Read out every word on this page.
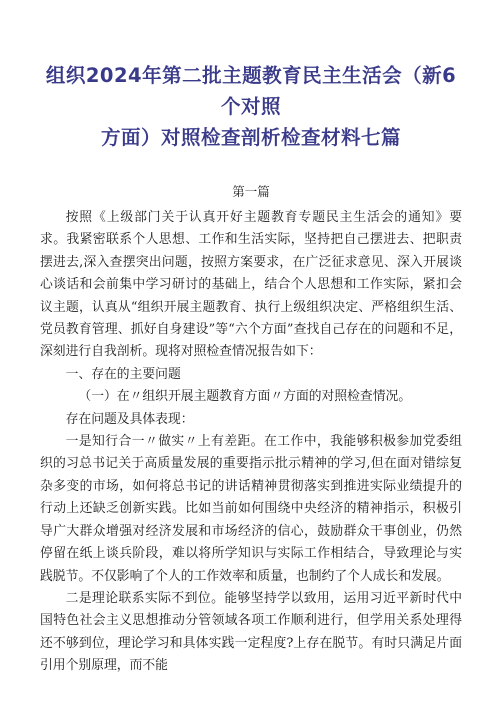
组织2024年第二批主题教育民主生活会（新6个对照
方面）对照检查剖析检查材料七篇
第一篇

按照《上级部门关于认真开好主题教育专题民主生活会的通知》要求。我紧密联系个人思想、工作和生活实际，坚持把自己摆进去、把职责摆进去,深入查摆突出问题，按照方案要求，在广泛征求意见、深入开展谈心谈话和会前集中学习研讨的基础上，结合个人思想和工作实际，紧扣会议主题，认真从“组织开展主题教育、执行上级组织决定、严格组织生活、党员教育管理、抓好自身建设”等“六个方面”查找自己存在的问题和不足，深刻进行自我剖析。现将对照检查情况报告如下：

一、存在的主要问题

（一）在〃组织开展主题教育方面〃方面的对照检查情况。

存在问题及具体表现：

一是知行合一〃做实〃上有差距。在工作中，我能够积极参加党委组织的习总书记关于高质量发展的重要指示批示精神的学习,但在面对错综复杂多变的市场，如何将总书记的讲话精神贯彻落实到推进实际业绩提升的行动上还缺乏创新实践。比如当前如何围绕中央经济的精神指示，积极引导广大群众增强对经济发展和市场经济的信心，鼓励群众干事创业，仍然停留在纸上谈兵阶段，难以将所学知识与实际工作相结合，导致理论与实践脱节。不仅影响了个人的工作效率和质量，也制约了个人成长和发展。

二是理论联系实际不到位。能够坚持学以致用，运用习近平新时代中国特色社会主义思想推动分管领域各项工作顺利进行，但学用关系处理得还不够到位，理论学习和具体实践一定程度?上存在脱节。有时只满足片面引用个别原理，而不能
